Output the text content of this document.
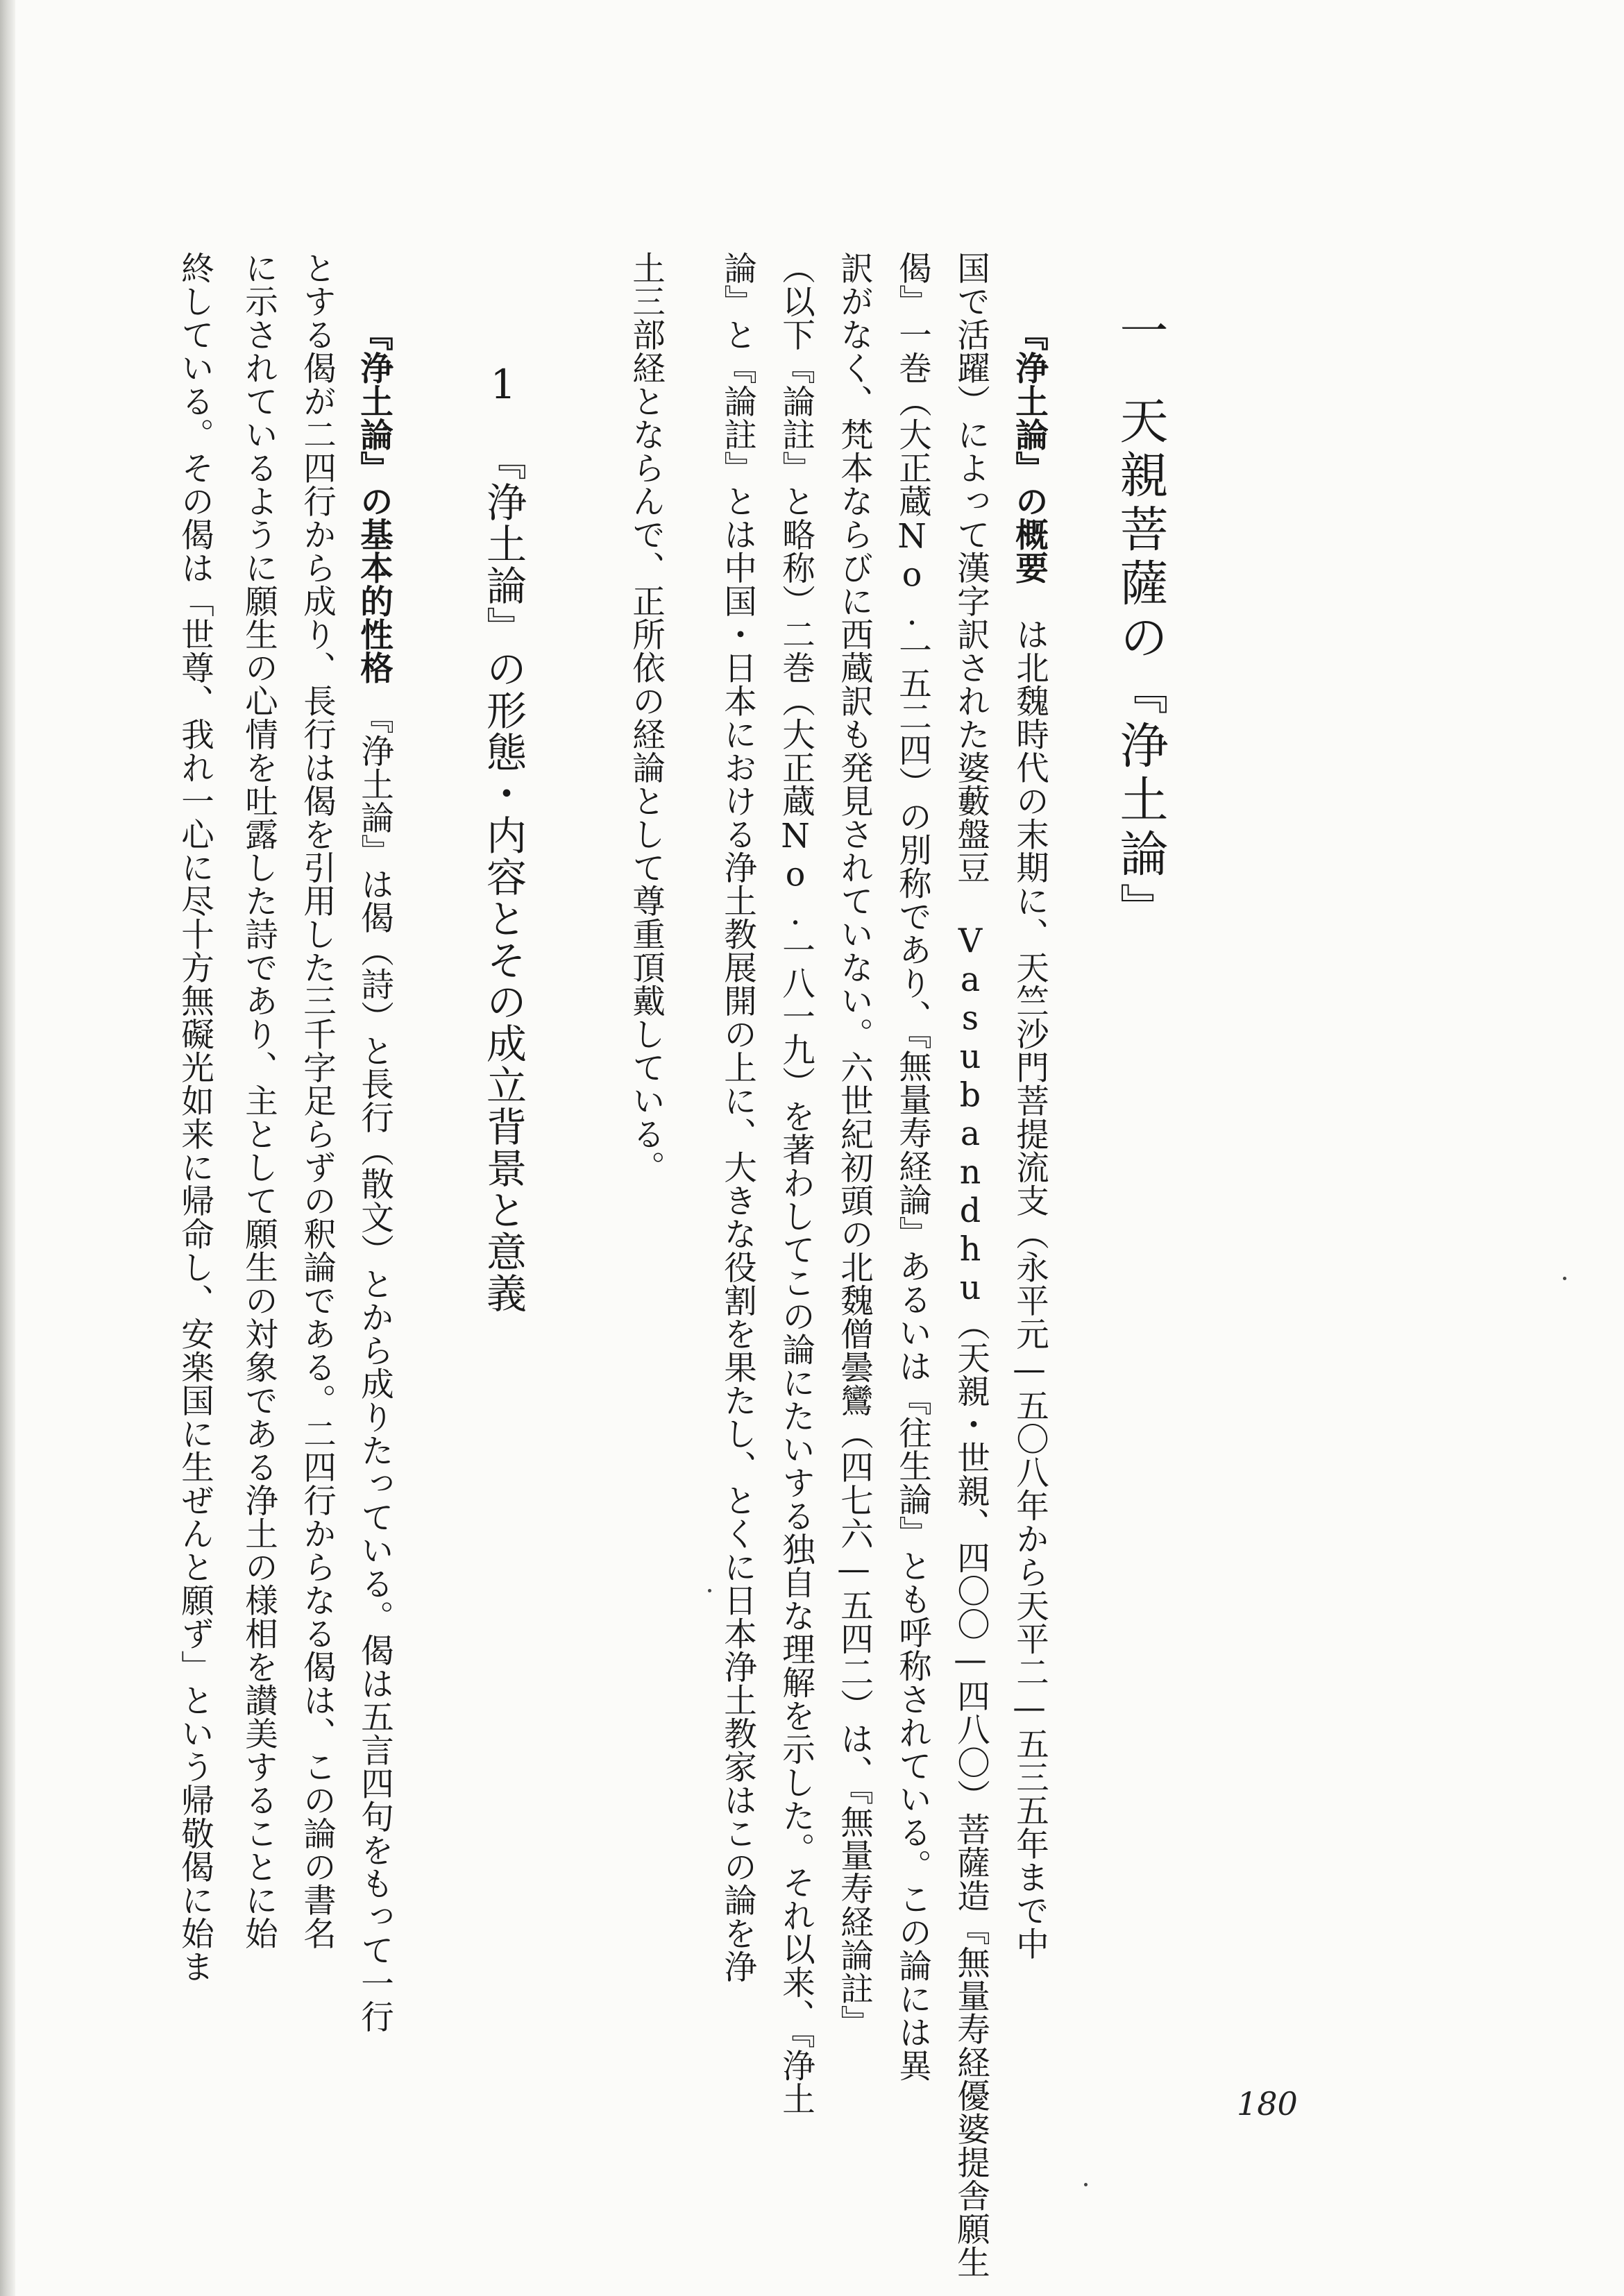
一天親菩薩の『浄土論』
『浄土論』の概要　は北魏時代の末期に、天竺沙門菩提流支（永平元—五〇八年から天平二—五三五年まで中
国で活躍）によって漢字訳された婆藪盤豆 Vasubandhu（天親・世親、四〇〇—四八〇）菩薩造『無量寿経優婆提舎願生
偈』一巻（大正蔵No.一五二四）の別称であり、『無量寿経論』あるいは『往生論』とも呼称されている。この論には異
訳がなく、梵本ならびに西蔵訳も発見されていない。六世紀初頭の北魏僧曇鸞（四七六—五四二）は、『無量寿経論註』
（以下『論註』と略称）二巻（大正蔵No.一八一九）を著わしてこの論にたいする独自な理解を示した。それ以来、『浄土
論』と『論註』とは中国・日本における浄土教展開の上に、大きな役割を果たし、とくに日本浄土教家はこの論を浄
土三部経とならんで、正所依の経論として尊重頂戴している。
1『浄土論』の形態・内容とその成立背景と意義
『浄土論』の基本的性格　『浄土論』は偈（詩）と長行（散文）とから成りたっている。偈は五言四句をもって一行
とする偈が二四行から成り、長行は偈を引用した三千字足らずの釈論である。二四行からなる偈は、この論の書名
に示されているように願生の心情を吐露した詩であり、主として願生の対象である浄土の様相を讃美することに始
終している。その偈は「世尊、我れ一心に尽十方無礙光如来に帰命し、安楽国に生ぜんと願ず」という帰敬偈に始ま
180
